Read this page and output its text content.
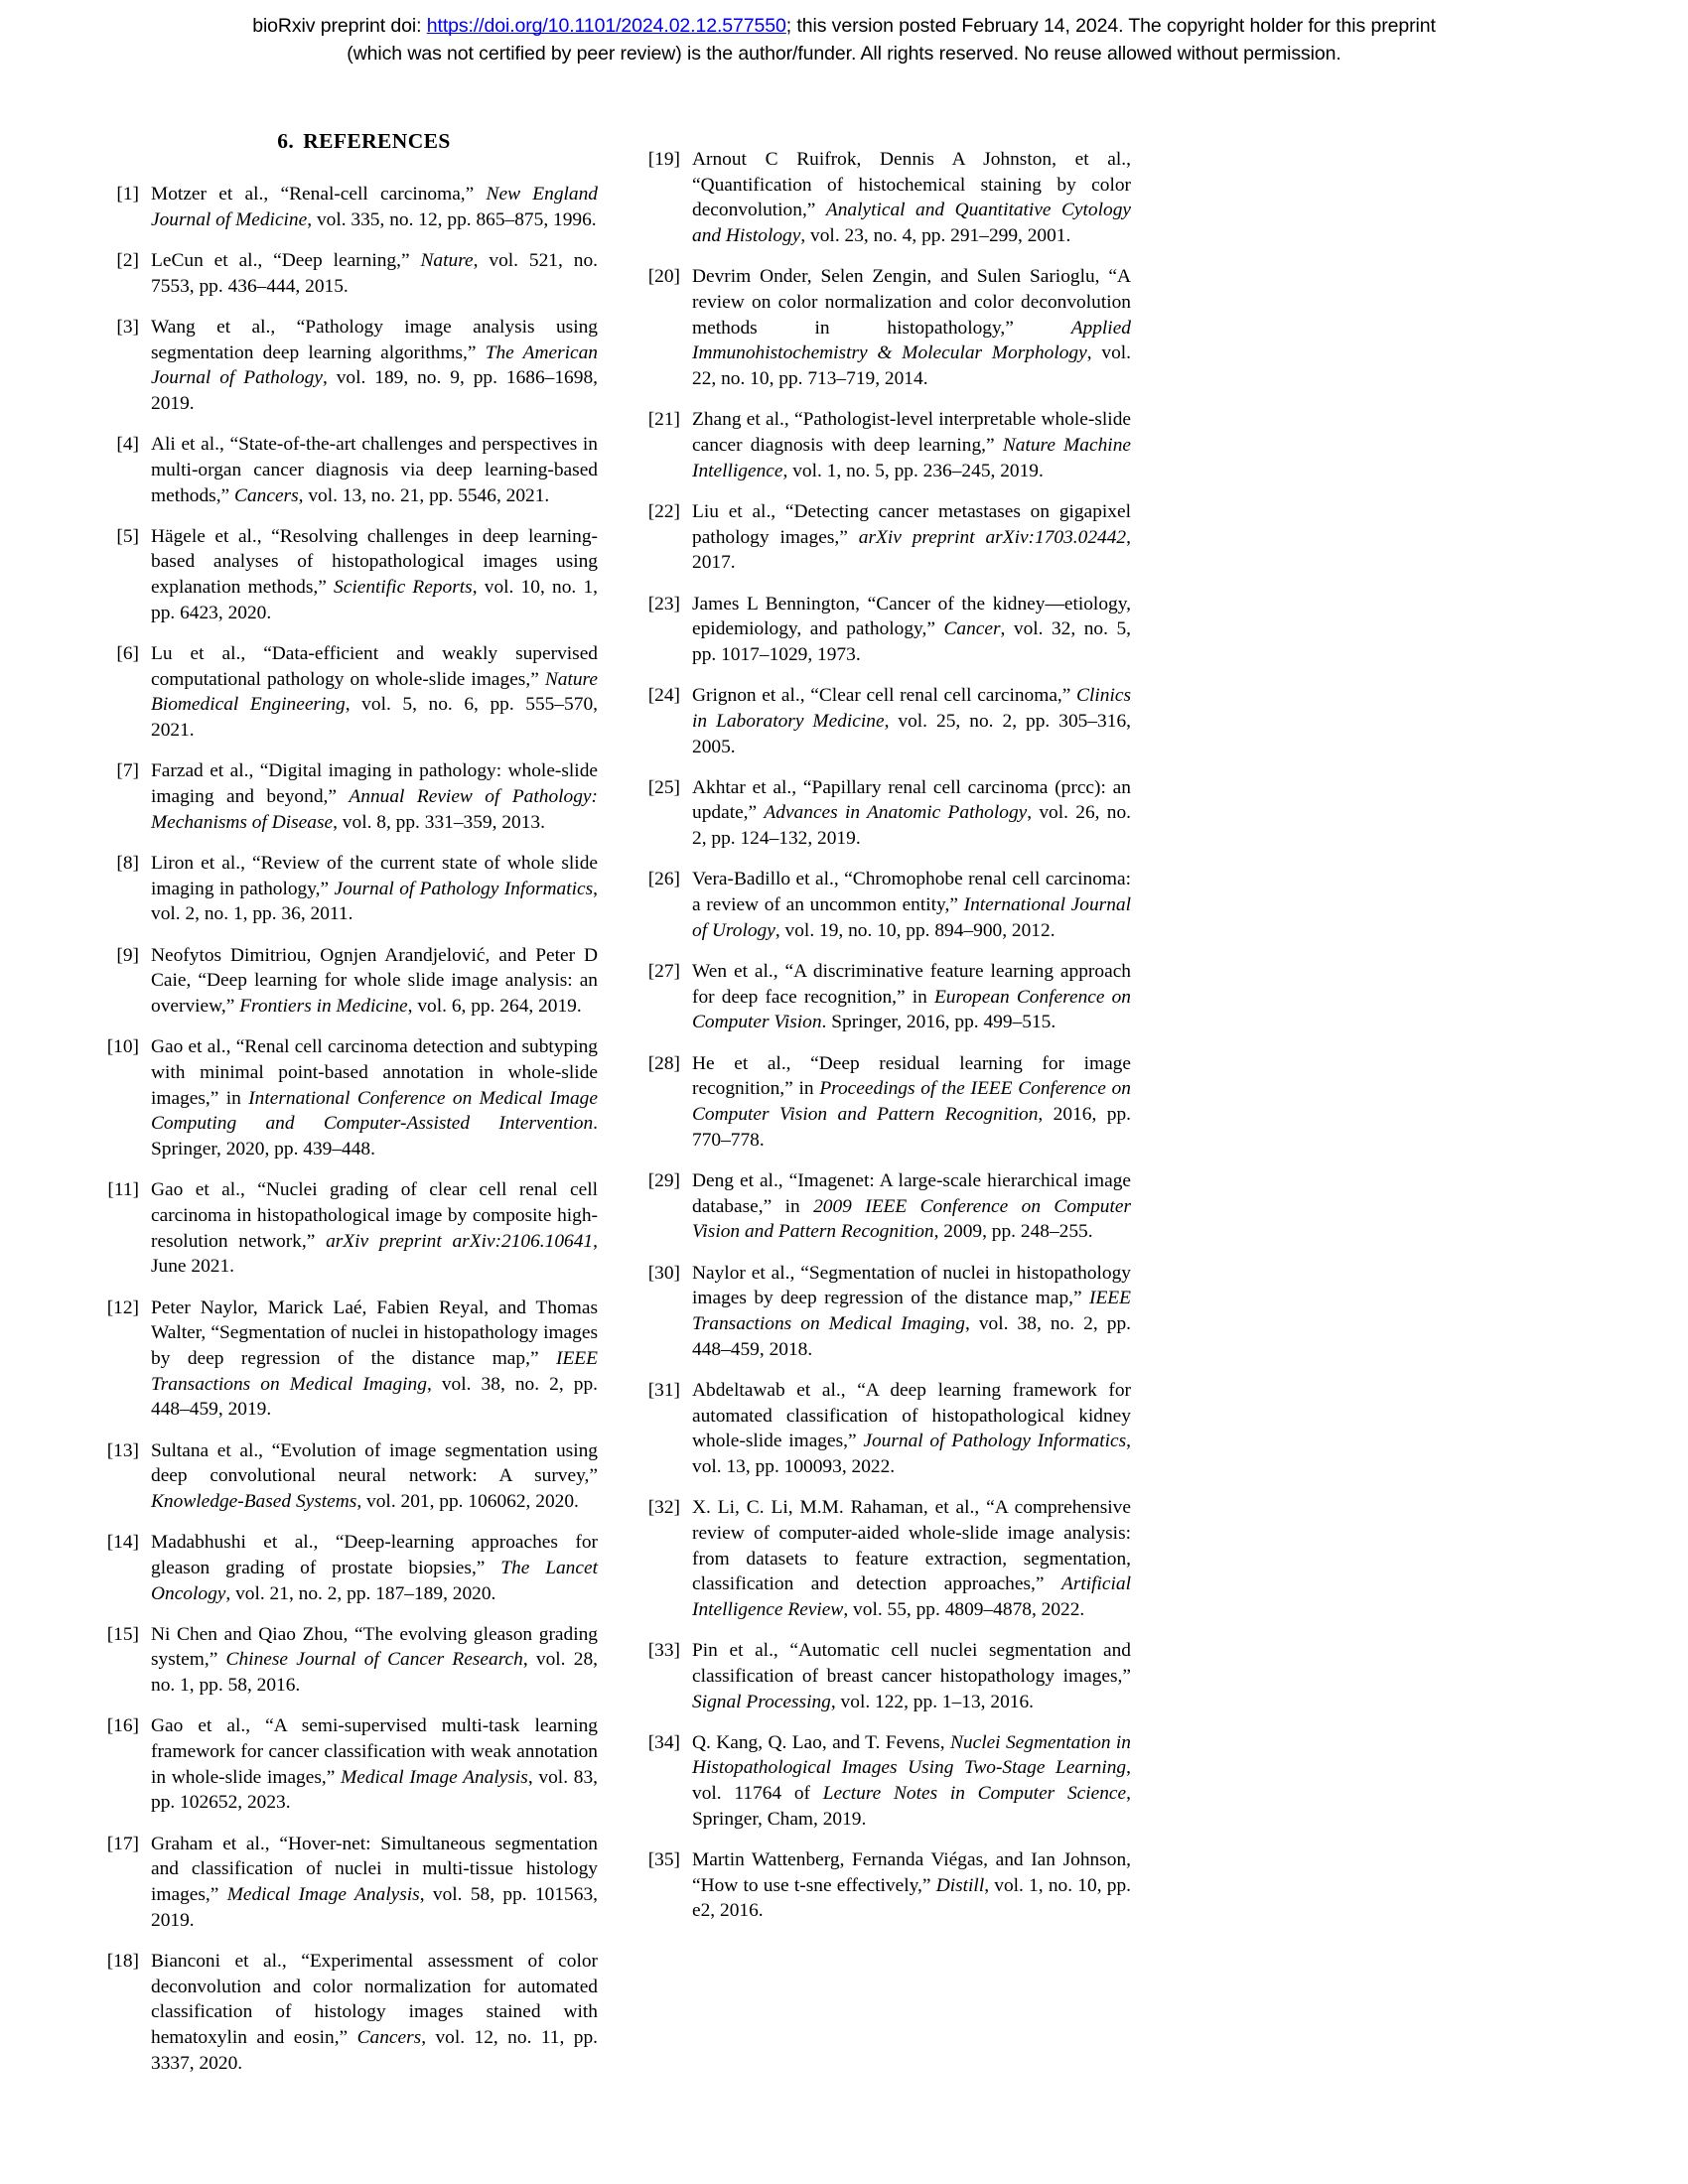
bioRxiv preprint doi: https://doi.org/10.1101/2024.02.12.577550; this version posted February 14, 2024. The copyright holder for this preprint
(which was not certified by peer review) is the author/funder. All rights reserved. No reuse allowed without permission.
6. REFERENCES
[1] Motzer et al., “Renal-cell carcinoma,” New England Journal of Medicine, vol. 335, no. 12, pp. 865–875, 1996.
[2] LeCun et al., “Deep learning,” Nature, vol. 521, no. 7553, pp. 436–444, 2015.
[3] Wang et al., “Pathology image analysis using segmentation deep learning algorithms,” The American Journal of Pathology, vol. 189, no. 9, pp. 1686–1698, 2019.
[4] Ali et al., “State-of-the-art challenges and perspectives in multi-organ cancer diagnosis via deep learning-based methods,” Cancers, vol. 13, no. 21, pp. 5546, 2021.
[5] Hägele et al., “Resolving challenges in deep learning-based analyses of histopathological images using explanation methods,” Scientific Reports, vol. 10, no. 1, pp. 6423, 2020.
[6] Lu et al., “Data-efficient and weakly supervised computational pathology on whole-slide images,” Nature Biomedical Engineering, vol. 5, no. 6, pp. 555–570, 2021.
[7] Farzad et al., “Digital imaging in pathology: whole-slide imaging and beyond,” Annual Review of Pathology: Mechanisms of Disease, vol. 8, pp. 331–359, 2013.
[8] Liron et al., “Review of the current state of whole slide imaging in pathology,” Journal of Pathology Informatics, vol. 2, no. 1, pp. 36, 2011.
[9] Neofytos Dimitriou, Ognjen Arandjelović, and Peter D Caie, “Deep learning for whole slide image analysis: an overview,” Frontiers in Medicine, vol. 6, pp. 264, 2019.
[10] Gao et al., “Renal cell carcinoma detection and subtyping with minimal point-based annotation in whole-slide images,” in International Conference on Medical Image Computing and Computer-Assisted Intervention. Springer, 2020, pp. 439–448.
[11] Gao et al., “Nuclei grading of clear cell renal cell carcinoma in histopathological image by composite high-resolution network,” arXiv preprint arXiv:2106.10641, June 2021.
[12] Peter Naylor, Marick Laé, Fabien Reyal, and Thomas Walter, “Segmentation of nuclei in histopathology images by deep regression of the distance map,” IEEE Transactions on Medical Imaging, vol. 38, no. 2, pp. 448–459, 2019.
[13] Sultana et al., “Evolution of image segmentation using deep convolutional neural network: A survey,” Knowledge-Based Systems, vol. 201, pp. 106062, 2020.
[14] Madabhushi et al., “Deep-learning approaches for gleason grading of prostate biopsies,” The Lancet Oncology, vol. 21, no. 2, pp. 187–189, 2020.
[15] Ni Chen and Qiao Zhou, “The evolving gleason grading system,” Chinese Journal of Cancer Research, vol. 28, no. 1, pp. 58, 2016.
[16] Gao et al., “A semi-supervised multi-task learning framework for cancer classification with weak annotation in whole-slide images,” Medical Image Analysis, vol. 83, pp. 102652, 2023.
[17] Graham et al., “Hover-net: Simultaneous segmentation and classification of nuclei in multi-tissue histology images,” Medical Image Analysis, vol. 58, pp. 101563, 2019.
[18] Bianconi et al., “Experimental assessment of color deconvolution and color normalization for automated classification of histology images stained with hematoxylin and eosin,” Cancers, vol. 12, no. 11, pp. 3337, 2020.
[19] Arnout C Ruifrok, Dennis A Johnston, et al., “Quantification of histochemical staining by color deconvolution,” Analytical and Quantitative Cytology and Histology, vol. 23, no. 4, pp. 291–299, 2001.
[20] Devrim Onder, Selen Zengin, and Sulen Sarioglu, “A review on color normalization and color deconvolution methods in histopathology,” Applied Immunohistochemistry & Molecular Morphology, vol. 22, no. 10, pp. 713–719, 2014.
[21] Zhang et al., “Pathologist-level interpretable whole-slide cancer diagnosis with deep learning,” Nature Machine Intelligence, vol. 1, no. 5, pp. 236–245, 2019.
[22] Liu et al., “Detecting cancer metastases on gigapixel pathology images,” arXiv preprint arXiv:1703.02442, 2017.
[23] James L Bennington, “Cancer of the kidney—etiology, epidemiology, and pathology,” Cancer, vol. 32, no. 5, pp. 1017–1029, 1973.
[24] Grignon et al., “Clear cell renal cell carcinoma,” Clinics in Laboratory Medicine, vol. 25, no. 2, pp. 305–316, 2005.
[25] Akhtar et al., “Papillary renal cell carcinoma (prcc): an update,” Advances in Anatomic Pathology, vol. 26, no. 2, pp. 124–132, 2019.
[26] Vera-Badillo et al., “Chromophobe renal cell carcinoma: a review of an uncommon entity,” International Journal of Urology, vol. 19, no. 10, pp. 894–900, 2012.
[27] Wen et al., “A discriminative feature learning approach for deep face recognition,” in European Conference on Computer Vision. Springer, 2016, pp. 499–515.
[28] He et al., “Deep residual learning for image recognition,” in Proceedings of the IEEE Conference on Computer Vision and Pattern Recognition, 2016, pp. 770–778.
[29] Deng et al., “Imagenet: A large-scale hierarchical image database,” in 2009 IEEE Conference on Computer Vision and Pattern Recognition, 2009, pp. 248–255.
[30] Naylor et al., “Segmentation of nuclei in histopathology images by deep regression of the distance map,” IEEE Transactions on Medical Imaging, vol. 38, no. 2, pp. 448–459, 2018.
[31] Abdeltawab et al., “A deep learning framework for automated classification of histopathological kidney whole-slide images,” Journal of Pathology Informatics, vol. 13, pp. 100093, 2022.
[32] X. Li, C. Li, M.M. Rahaman, et al., “A comprehensive review of computer-aided whole-slide image analysis: from datasets to feature extraction, segmentation, classification and detection approaches,” Artificial Intelligence Review, vol. 55, pp. 4809–4878, 2022.
[33] Pin et al., “Automatic cell nuclei segmentation and classification of breast cancer histopathology images,” Signal Processing, vol. 122, pp. 1–13, 2016.
[34] Q. Kang, Q. Lao, and T. Fevens, Nuclei Segmentation in Histopathological Images Using Two-Stage Learning, vol. 11764 of Lecture Notes in Computer Science, Springer, Cham, 2019.
[35] Martin Wattenberg, Fernanda Viégas, and Ian Johnson, “How to use t-sne effectively,” Distill, vol. 1, no. 10, pp. e2, 2016.
